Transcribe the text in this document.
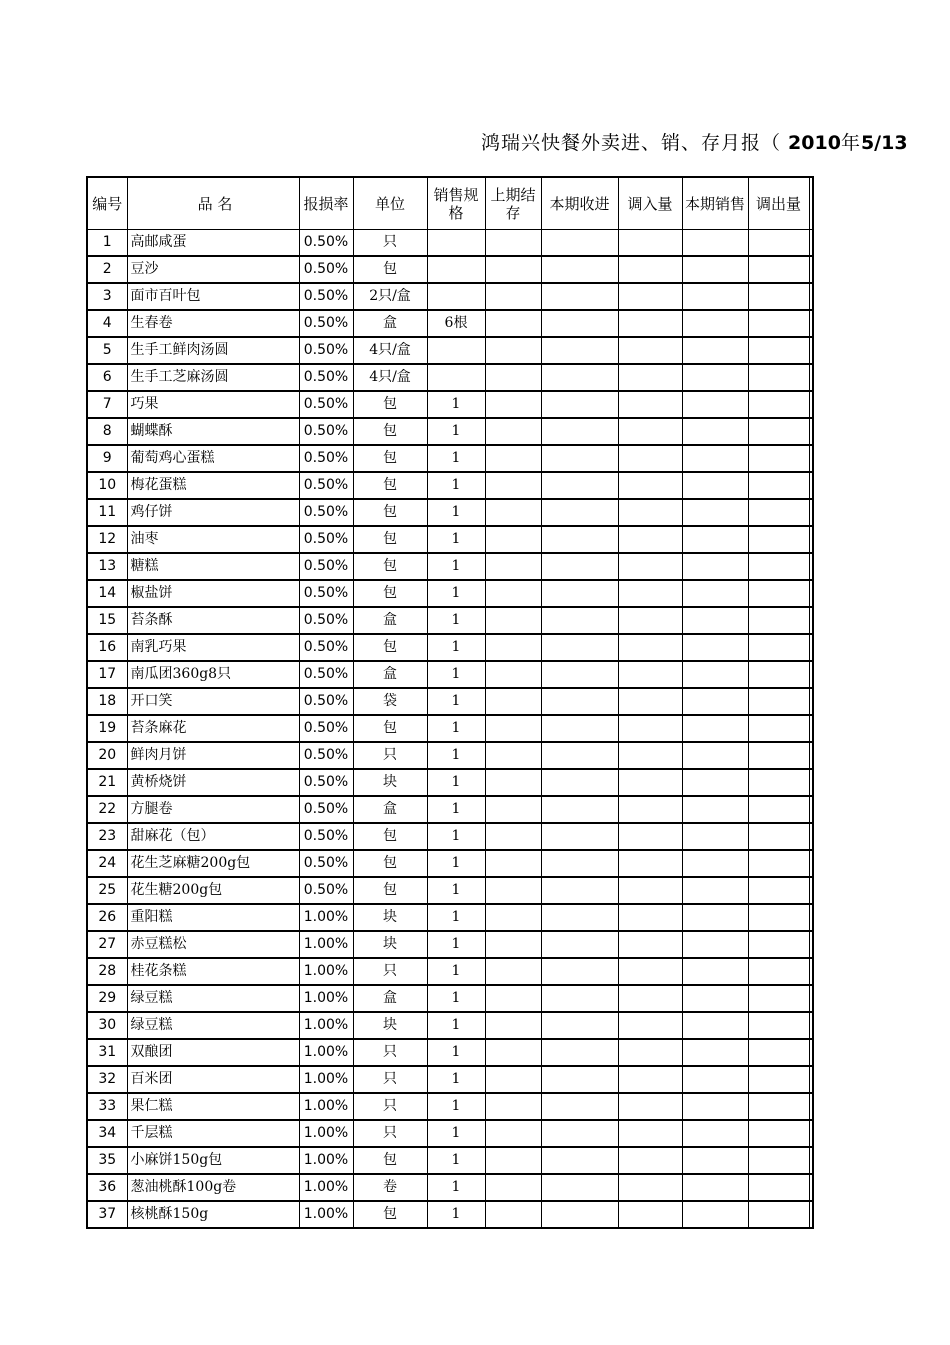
鸿瑞兴快餐外卖进、销、存月报（ 2010年5/13
编号	品 名	报损率	单位	销售规格	上期结存	本期收进	调入量	本期销售	调出量	
1	高邮咸蛋	0.50%	只							
2	豆沙	0.50%	包							
3	面市百叶包	0.50%	2只/盒							
4	生春卷	0.50%	盒	6根						
5	生手工鲜肉汤圆	0.50%	4只/盒							
6	生手工芝麻汤圆	0.50%	4只/盒							
7	巧果	0.50%	包	1						
8	蝴蝶酥	0.50%	包	1						
9	葡萄鸡心蛋糕	0.50%	包	1						
10	梅花蛋糕	0.50%	包	1						
11	鸡仔饼	0.50%	包	1						
12	油枣	0.50%	包	1						
13	糖糕	0.50%	包	1						
14	椒盐饼	0.50%	包	1						
15	苔条酥	0.50%	盒	1						
16	南乳巧果	0.50%	包	1						
17	南瓜团360g8只	0.50%	盒	1						
18	开口笑	0.50%	袋	1						
19	苔条麻花	0.50%	包	1						
20	鲜肉月饼	0.50%	只	1						
21	黄桥烧饼	0.50%	块	1						
22	方腿卷	0.50%	盒	1						
23	甜麻花（包）	0.50%	包	1						
24	花生芝麻糖200g包	0.50%	包	1						
25	花生糖200g包	0.50%	包	1						
26	重阳糕	1.00%	块	1						
27	赤豆糕松	1.00%	块	1						
28	桂花条糕	1.00%	只	1						
29	绿豆糕	1.00%	盒	1						
30	绿豆糕	1.00%	块	1						
31	双酿团	1.00%	只	1						
32	百米团	1.00%	只	1						
33	果仁糕	1.00%	只	1						
34	千层糕	1.00%	只	1						
35	小麻饼150g包	1.00%	包	1						
36	葱油桃酥100g卷	1.00%	卷	1						
37	核桃酥150g	1.00%	包	1						
